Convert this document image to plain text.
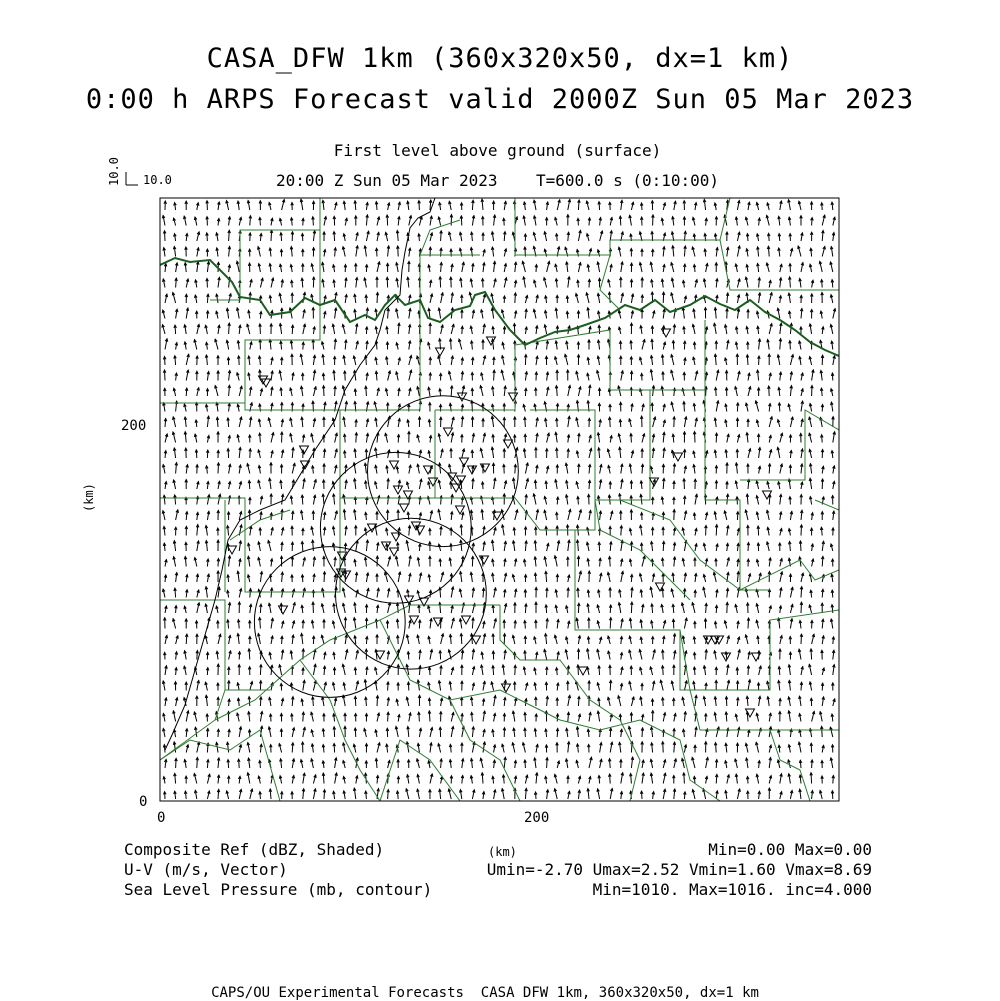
CASA_DFW 1km (360x320x50, dx=1 km)
0:00 h ARPS Forecast valid 2000Z Sun 05 Mar 2023
First level above ground (surface)
20:00 Z Sun 05 Mar 2023    T=600.0 s (0:10:00)
10.0 10.0
0	200
0
200
(km)
(km)
Composite Ref (dBZ, Shaded)
U-V (m/s, Vector)
Sea Level Pressure (mb, contour)
Min=0.00 Max=0.00
Umin=-2.70 Umax=2.52 Vmin=1.60 Vmax=8.69
Min=1010. Max=1016. inc=4.000
CAPS/OU Experimental Forecasts  CASA DFW 1km, 360x320x50, dx=1 km
